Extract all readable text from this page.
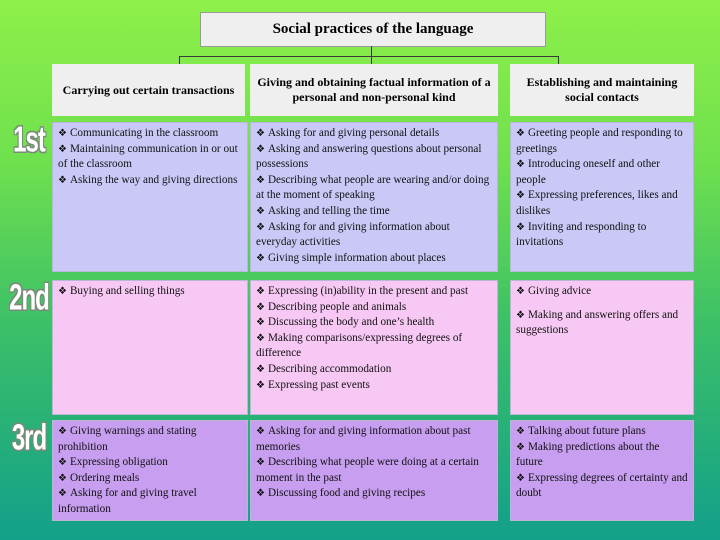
Social practices of the language
Carrying out certain transactions
Giving and obtaining factual information of a personal and non-personal kind
Establishing and maintaining social contacts
1st
2nd
3rd
❖ Communicating in the classroom
❖ Maintaining communication in or out of the classroom
❖ Asking the way and giving directions
❖ Asking for and giving personal details
❖ Asking and answering questions about personal possessions
❖ Describing what people are wearing and/or doing at the moment of speaking
❖ Asking and telling the time
❖ Asking for and giving information about everyday activities
❖ Giving simple information about places
❖ Greeting people and responding to greetings
❖ Introducing oneself and other people
❖ Expressing preferences, likes and dislikes
❖ Inviting and responding to invitations
❖ Buying and selling things	❖ Expressing (in)ability in the present and past
❖ Describing people and animals
❖ Discussing the body and one’s health
❖ Making comparisons/expressing degrees of difference
❖ Describing accommodation
❖ Expressing past events
❖ Giving advice
❖ Making and answering offers and suggestions
❖ Giving warnings and stating prohibition
❖ Expressing obligation
❖ Ordering meals
❖ Asking for and giving travel information
❖ Asking for and giving information about past memories
❖ Describing what people were doing at a certain moment in the past
❖ Discussing food and giving recipes
❖ Talking about future plans
❖ Making predictions about the future
❖ Expressing degrees of certainty and doubt
